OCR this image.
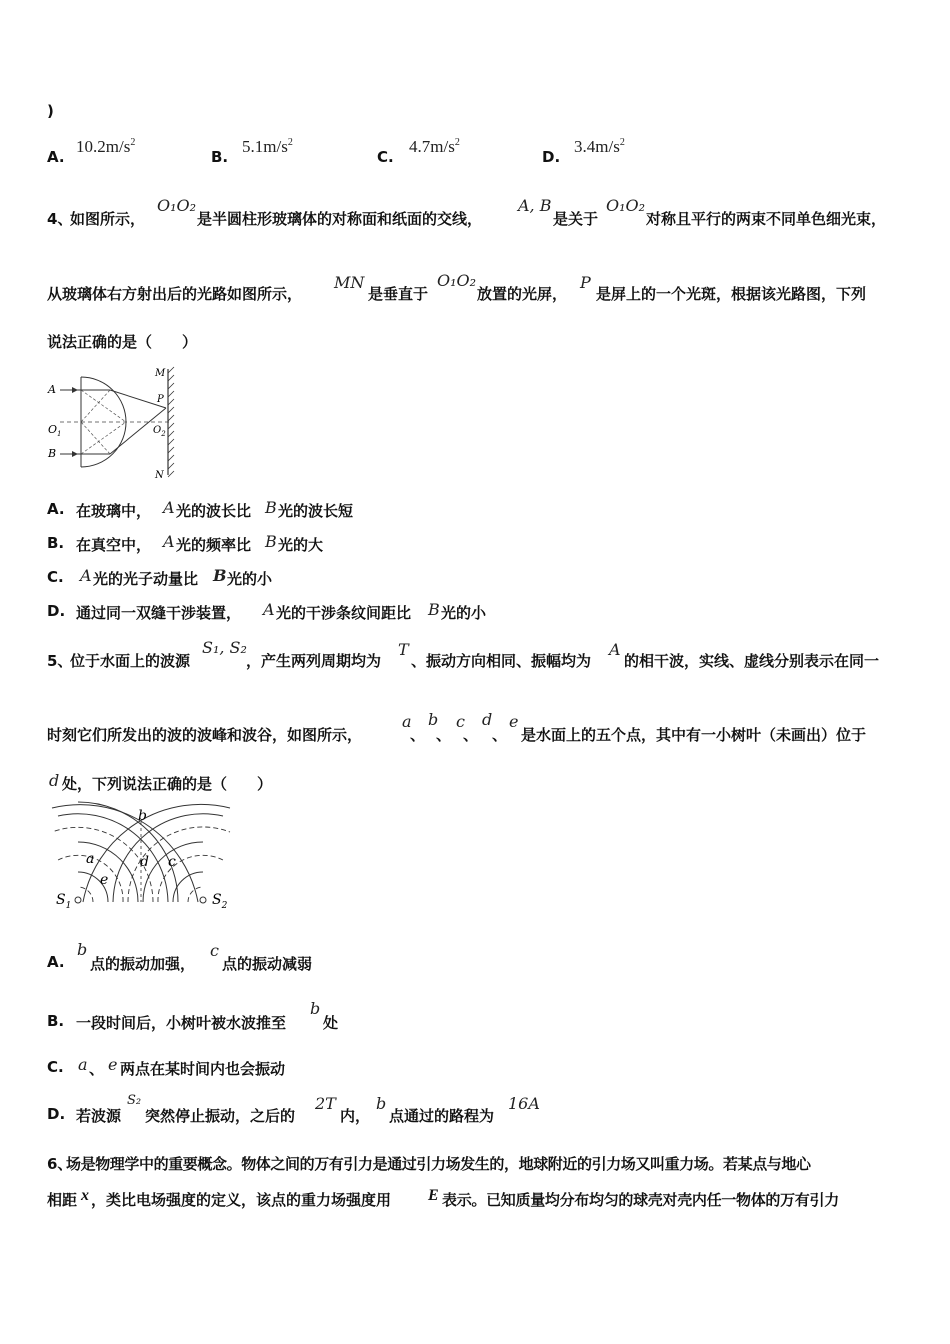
)
A.
$10.2m/s^2$
B.
$5.1m/s^2$
C.
$4.7m/s^2$
D.
$3.4m/s^2$
4、
如图所示，
O₁O₂
是半圆柱形玻璃体的对称面和纸面的交线，
A, B
是关于
O₁O₂
对称且平行的两束不同单色细光束，
从玻璃体右方射出后的光路如图所示，
MN
是垂直于
O₁O₂
放置的光屏，
P
是屏上的一个光斑，根据该光路图，下列
说法正确的是（　　）
A
B
$O_1$
M
P
$O_2$
N
A. 在玻璃中， A 光的波长比 B 光的波长短
B. 在真空中， A 光的频率比 B 光的大
C. A 光的光子动量比 B 光的小
D. 通过同一双缝干涉装置， A 光的干涉条纹间距比 B 光的小
5、
位于水面上的波源
S₁, S₂
，产生两列周期均为
T
、振动方向相同、振幅均为
A
的相干波，实线、虚线分别表示在同一
时刻它们所发出的波的波峰和波谷，如图所示，
a
、
b
、
c
、
d
、
e
是水面上的五个点，其中有一小树叶（未画出）位于
d 处，下列说法正确的是（　　）
b
a	d c
e
$S_1$	$S_2$
A.
b
点的振动加强，
c
点的振动减弱
B. 一段时间后，小树叶被水波推至
b
处
C. a 、 e 两点在某时间内也会振动
D. 若波源
S₂
突然停止振动，之后的
2T
内，
b
点通过的路程为
16A
6、
场是物理学中的重要概念。物体之间的万有引力是通过引力场发生的，地球附近的引力场又叫重力场。若某点与地心
相距 x ，类比电场强度的定义，该点的重力场强度用 E 表示。已知质量均分布均匀的球壳对壳内任一物体的万有引力
